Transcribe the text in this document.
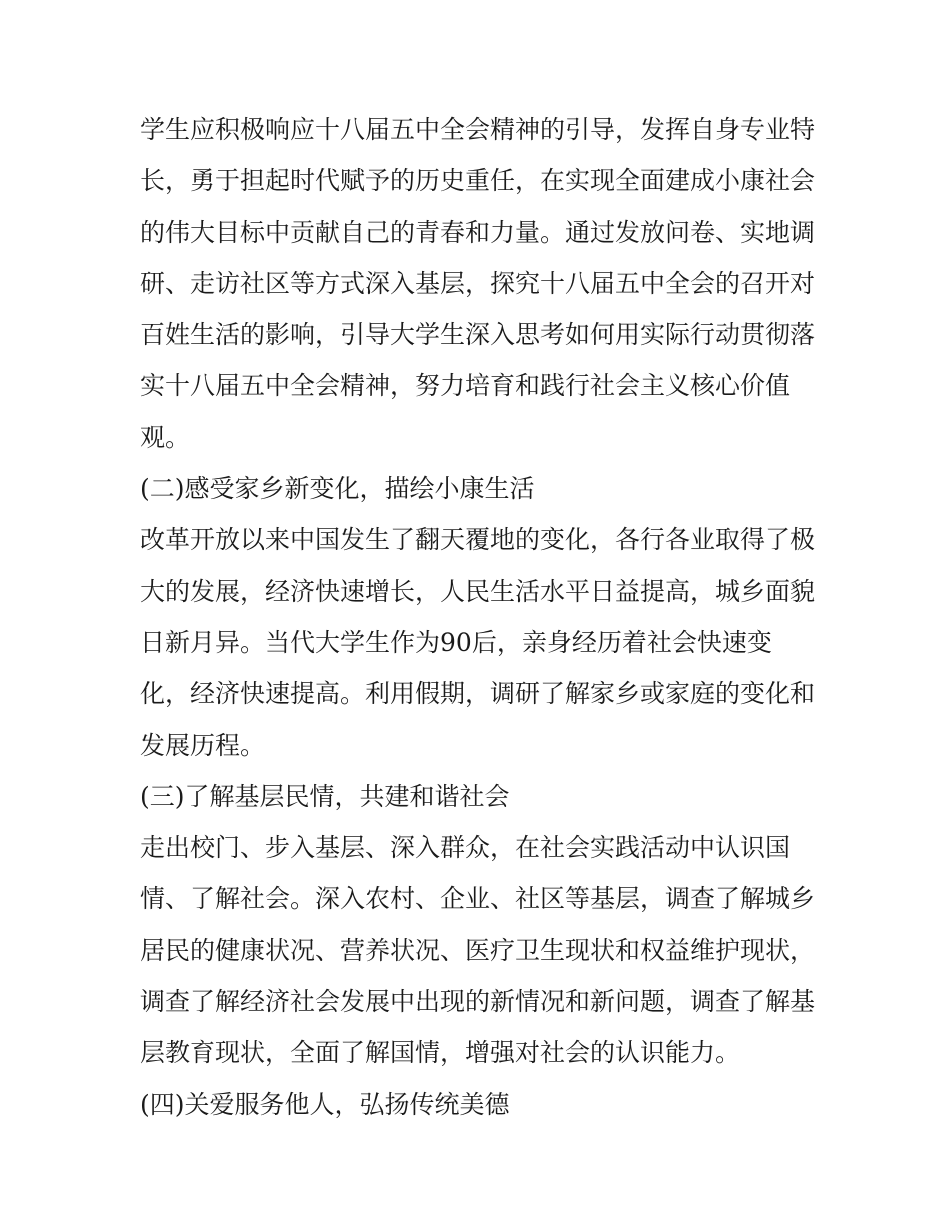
学生应积极响应十八届五中全会精神的引导，发挥自身专业特
长，勇于担起时代赋予的历史重任，在实现全面建成小康社会
的伟大目标中贡献自己的青春和力量。通过发放问卷、实地调
研、走访社区等方式深入基层，探究十八届五中全会的召开对
百姓生活的影响，引导大学生深入思考如何用实际行动贯彻落
实十八届五中全会精神，努力培育和践行社会主义核心价值
观。
(二)感受家乡新变化，描绘小康生活
改革开放以来中国发生了翻天覆地的变化，各行各业取得了极
大的发展，经济快速增长，人民生活水平日益提高，城乡面貌
日新月异。当代大学生作为90后，亲身经历着社会快速变
化，经济快速提高。利用假期，调研了解家乡或家庭的变化和
发展历程。
(三)了解基层民情，共建和谐社会
走出校门、步入基层、深入群众，在社会实践活动中认识国
情、了解社会。深入农村、企业、社区等基层，调查了解城乡
居民的健康状况、营养状况、医疗卫生现状和权益维护现状，
调查了解经济社会发展中出现的新情况和新问题，调查了解基
层教育现状，全面了解国情，增强对社会的认识能力。
(四)关爱服务他人，弘扬传统美德
